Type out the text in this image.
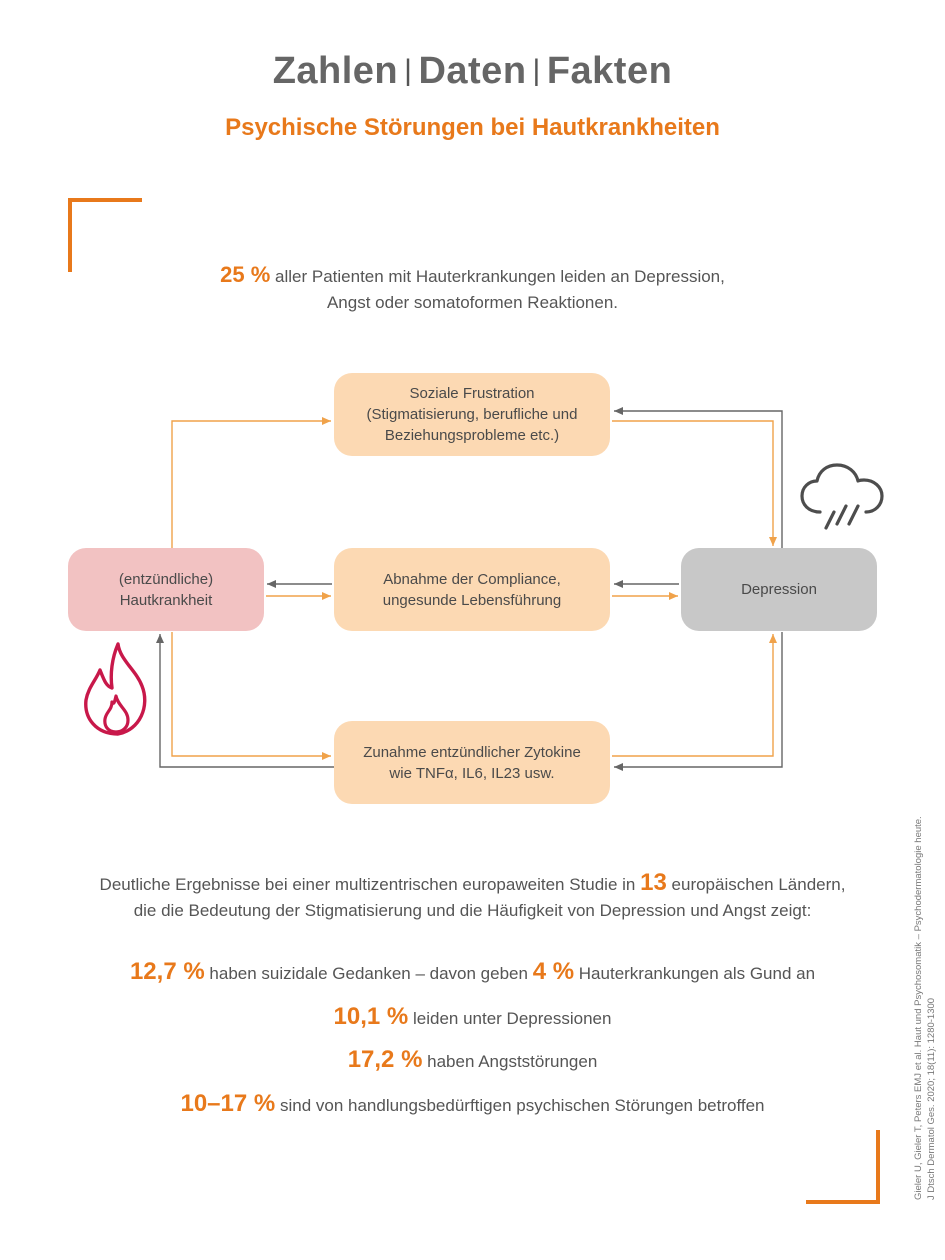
Zahlen | Daten | Fakten
Psychische Störungen bei Hautkrankheiten
25 % aller Patienten mit Hauterkrankungen leiden an Depression,
Angst oder somatoformen Reaktionen.
Soziale Frustration
(Stigmatisierung, berufliche und
Beziehungsprobleme etc.)
Abnahme der Compliance,
ungesunde Lebensführung
Zunahme entzündlicher Zytokine
wie TNFα, IL6, IL23 usw.
(entzündliche)
Hautkrankheit
Depression
Deutliche Ergebnisse bei einer multizentrischen europaweiten Studie in 13 europäischen Ländern,
die die Bedeutung der Stigmatisierung und die Häufigkeit von Depression und Angst zeigt:
12,7 % haben suizidale Gedanken – davon geben 4 % Hauterkrankungen als Gund an
10,1 % leiden unter Depressionen
17,2 % haben Angststörungen
10–17 % sind von handlungsbedürftigen psychischen Störungen betroffen	Gieler U, Gieler T, Peters EMJ et al. Haut und Psychosomatik – Psychodermatologie heute. J Dtsch Dermatol Ges. 2020; 18(11): 1280-1300
